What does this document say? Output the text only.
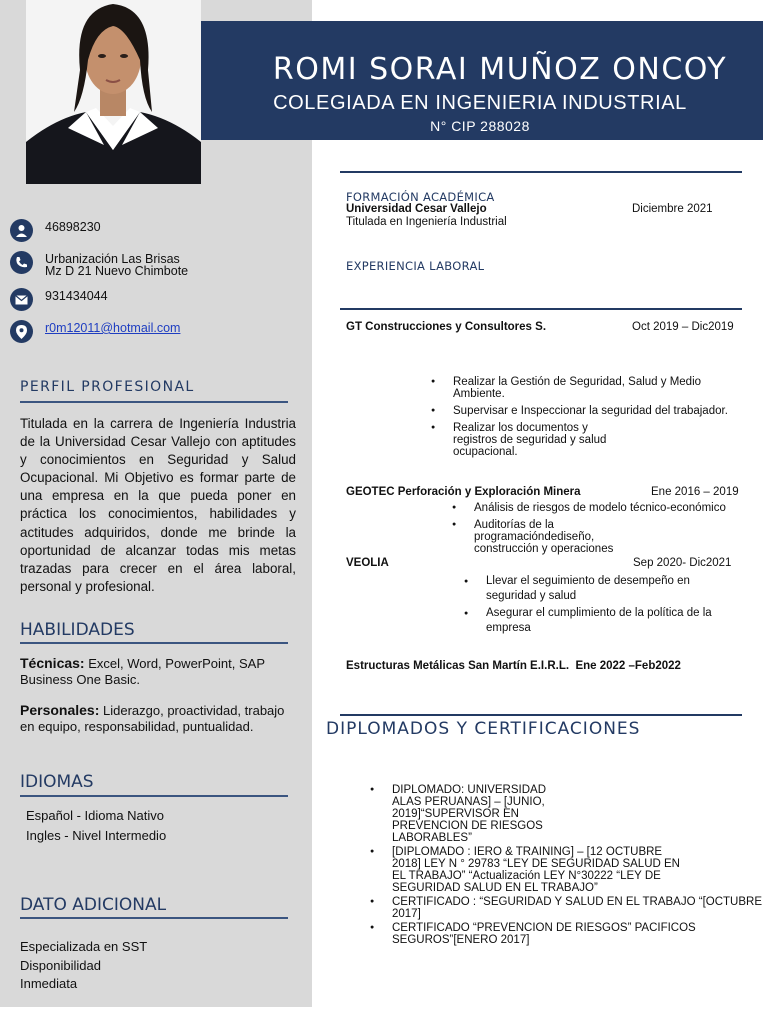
ROMI SORAI MUÑOZ ONCOY
COLEGIADA EN INGENIERIA INDUSTRIAL
N° CIP 288028
46898230
Urbanización Las Brisas
Mz D 21 Nuevo Chimbote
931434044
r0m12011@hotmail.com
PERFIL PROFESIONAL
Titulada en la carrera de Ingeniería Industria de la Universidad Cesar Vallejo con aptitudes y conocimientos en Seguridad y Salud Ocupacional. Mi Objetivo es formar parte de una empresa en la que pueda poner en práctica los conocimientos, habilidades y actitudes adquiridos, donde me brinde la oportunidad de alcanzar todas mis metas trazadas para crecer en el área laboral, personal y profesional.
HABILIDADES
Técnicas: Excel, Word, PowerPoint, SAP Business One Basic.
Personales: Liderazgo, proactividad, trabajo en equipo, responsabilidad, puntualidad.
IDIOMAS
Español - Idioma Nativo
Ingles - Nivel Intermedio
DATO ADICIONAL
Especializada en SST
Disponibilidad
Inmediata
FORMACIÓN ACADÉMICA
Universidad Cesar Vallejo	Diciembre 2021
Titulada en Ingeniería Industrial
EXPERIENCIA LABORAL
GT Construcciones y Consultores S.	Oct 2019 – Dic2019
● Realizar la Gestión de Seguridad, Salud y Medio Ambiente.
● Supervisar e Inspeccionar la seguridad del trabajador.
● Realizar los documentos y registros de seguridad y salud ocupacional.
GEOTEC Perforación y Exploración Minera	Ene 2016 – 2019
● Análisis de riesgos de modelo técnico-económico
● Auditorías de la programacióndediseño, construcción y operaciones
VEOLIA	Sep 2020- Dic2021
● Llevar el seguimiento de desempeño en seguridad y salud
● Asegurar el cumplimiento de la política de la empresa
Estructuras Metálicas San Martín E.I.R.L. Ene 2022 –Feb2022
DIPLOMADOS Y CERTIFICACIONES
● DIPLOMADO: UNIVERSIDAD ALAS PERUANAS] – [JUNIO, 2019]“SUPERVISOR EN PREVENCION DE RIESGOS LABORABLES”
● [DIPLOMADO : IERO & TRAINING] – [12 OCTUBRE 2018] LEY N ° 29783 “LEY DE SEGURIDAD SALUD EN EL TRABAJO” “Actualización LEY N°30222 “LEY DE SEGURIDAD SALUD EN EL TRABAJO”
● CERTIFICADO : “SEGURIDAD Y SALUD EN EL TRABAJO “[OCTUBRE 2017]
● CERTIFICADO “PREVENCION DE RIESGOS” PACIFICOS SEGUROS”[ENERO 2017]
